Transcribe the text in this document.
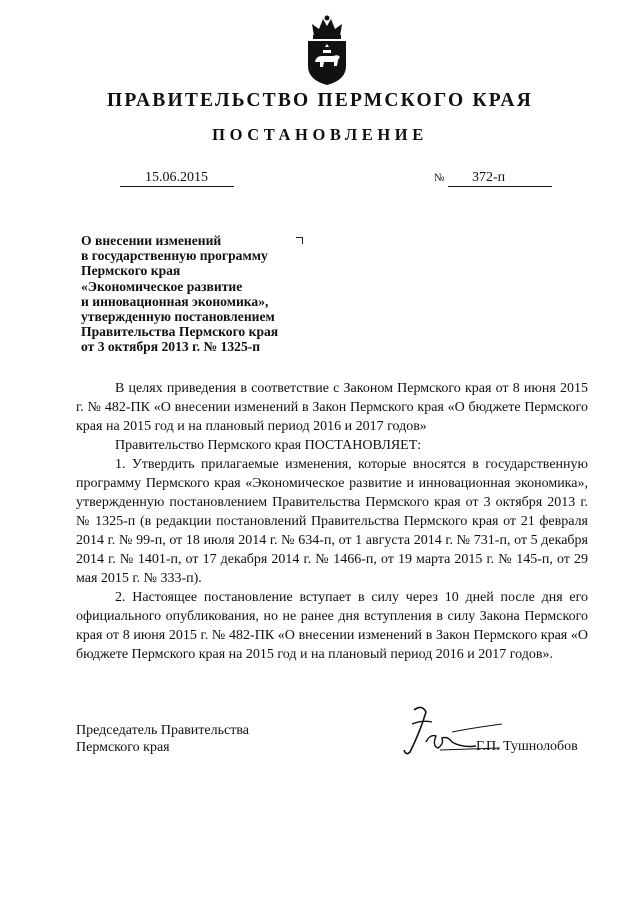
ПРАВИТЕЛЬСТВО ПЕРМСКОГО КРАЯ
ПОСТАНОВЛЕНИЕ
15.06.2015	№ 372-п
О внесении изменений
в государственную программу
Пермского края
«Экономическое развитие
и инновационная экономика»,
утвержденную постановлением
Правительства Пермского края
от 3 октября 2013 г. № 1325-п

В целях приведения в соответствие с Законом Пермского края от 8 июня 2015 г. № 482-ПК «О внесении изменений в Закон Пермского края «О бюджете Пермского края на 2015 год и на плановый период 2016 и 2017 годов»

Правительство Пермского края ПОСТАНОВЛЯЕТ:

1. Утвердить прилагаемые изменения, которые вносятся в государственную программу Пермского края «Экономическое развитие и инновационная экономика», утвержденную постановлением Правительства Пермского края от 3 октября 2013 г. № 1325-п (в редакции постановлений Правительства Пермского края от 21 февраля 2014 г. № 99-п, от 18 июля 2014 г. № 634-п, от 1 августа 2014 г. № 731-п, от 5 декабря 2014 г. № 1401-п, от 17 декабря 2014 г. № 1466-п, от 19 марта 2015 г. № 145-п, от 29 мая 2015 г. № 333-п).

2. Настоящее постановление вступает в силу через 10 дней после дня его официального опубликования, но не ранее дня вступления в силу Закона Пермского края от 8 июня 2015 г. № 482-ПК «О внесении изменений в Закон Пермского края «О бюджете Пермского края на 2015 год и на плановый период 2016 и 2017 годов».

Председатель Правительства
Пермского края	Г.П. Тушнолобов
